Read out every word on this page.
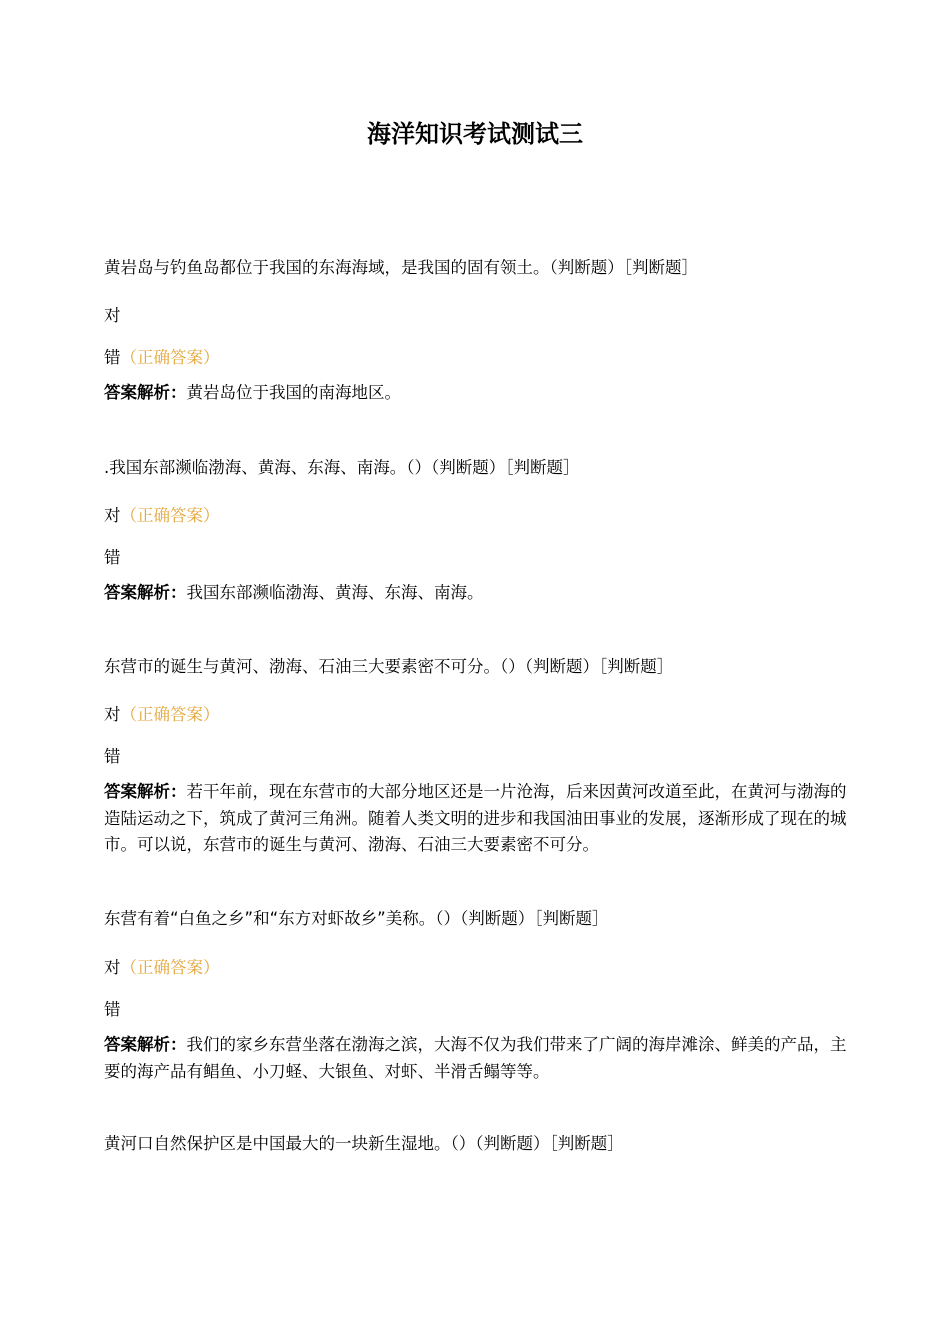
海洋知识考试测试三
黄岩岛与钓鱼岛都位于我国的东海海域，是我国的固有领土。（判断题）［判断题］
对
错（正确答案）
答案解析：黄岩岛位于我国的南海地区。
.我国东部濒临渤海、黄海、东海、南海。（）（判断题）［判断题］
对（正确答案）
错
答案解析：我国东部濒临渤海、黄海、东海、南海。
东营市的诞生与黄河、渤海、石油三大要素密不可分。（）（判断题）［判断题］
对（正确答案）
错
答案解析：若干年前，现在东营市的大部分地区还是一片沧海，后来因黄河改道至此，在黄河与渤海的造陆运动之下，筑成了黄河三角洲。随着人类文明的进步和我国油田事业的发展，逐渐形成了现在的城市。可以说，东营市的诞生与黄河、渤海、石油三大要素密不可分。
东营有着“白鱼之乡”和“东方对虾故乡”美称。（）（判断题）［判断题］
对（正确答案）
错
答案解析：我们的家乡东营坐落在渤海之滨，大海不仅为我们带来了广阔的海岸滩涂、鲜美的产品，主要的海产品有鲳鱼、小刀蛏、大银鱼、对虾、半滑舌鳎等等。
黄河口自然保护区是中国最大的一块新生湿地。（）（判断题）［判断题］
